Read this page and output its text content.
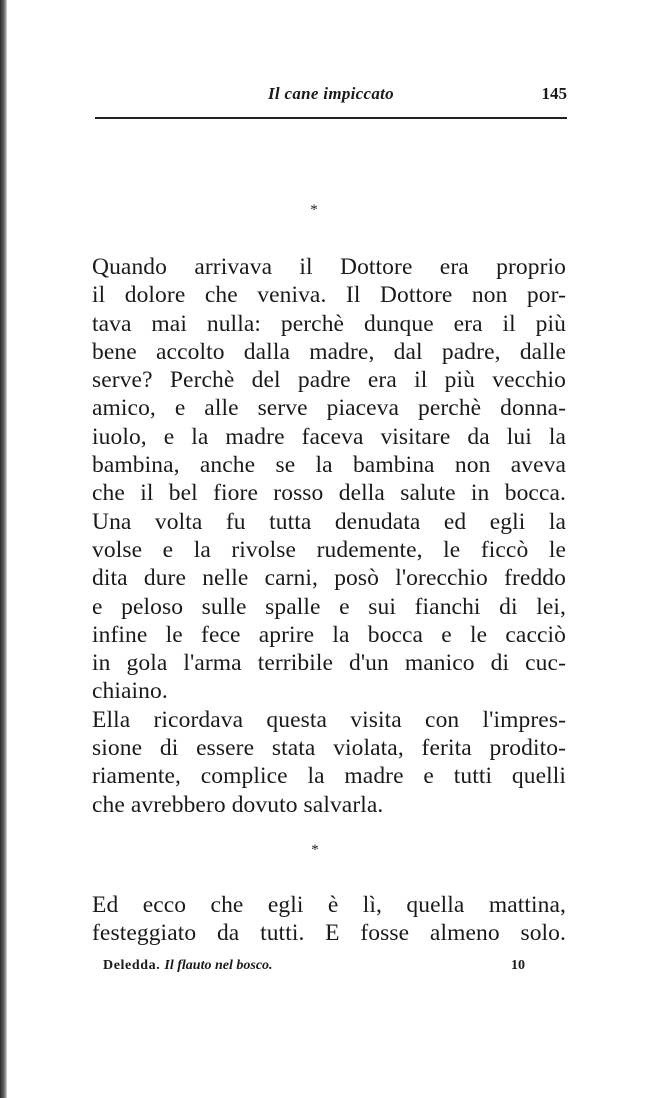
Il cane impiccato	145
*
Quando arrivava il Dottore era proprio
il dolore che veniva. Il Dottore non por-
tava mai nulla: perchè dunque era il più
bene accolto dalla madre, dal padre, dalle
serve? Perchè del padre era il più vecchio
amico, e alle serve piaceva perchè donna-
iuolo, e la madre faceva visitare da lui la
bambina, anche se la bambina non aveva
che il bel fiore rosso della salute in bocca.
Una volta fu tutta denudata ed egli la
volse e la rivolse rudemente, le ficcò le
dita dure nelle carni, posò l'orecchio freddo
e peloso sulle spalle e sui fianchi di lei,
infine le fece aprire la bocca e le cacciò
in gola l'arma terribile d'un manico di cuc-
chiaino.
Ella ricordava questa visita con l'impres-
sione di essere stata violata, ferita prodito-
riamente, complice la madre e tutti quelli
che avrebbero dovuto salvarla.
*
Ed ecco che egli è lì, quella mattina,
festeggiato da tutti. E fosse almeno solo.
Deledda. Il flauto nel bosco.	10
